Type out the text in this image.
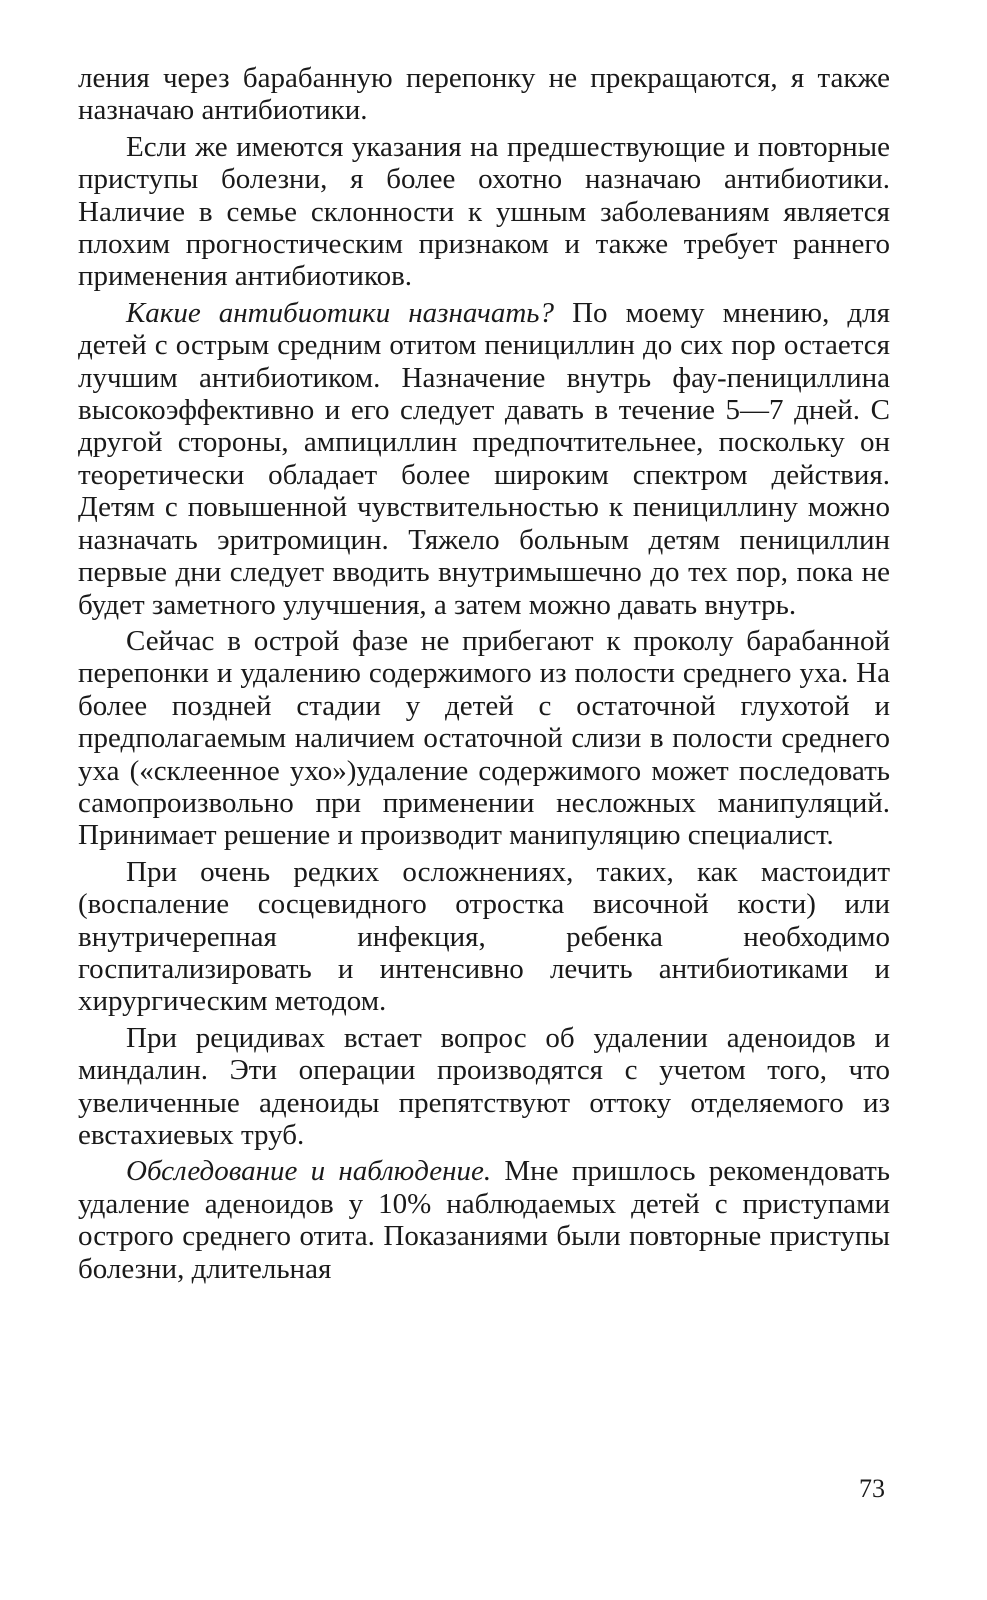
ления через барабанную перепонку не прекращаются, я также назначаю антибиотики.

Если же имеются указания на предшествующие и повторные приступы болезни, я более охотно назначаю антибиотики. Наличие в семье склонности к ушным заболеваниям является плохим прогностическим признаком и также требует раннего применения антибиотиков.

Какие антибиотики назначать? По моему мнению, для детей с острым средним отитом пенициллин до сих пор остается лучшим антибиотиком. Назначение внутрь фау-пенициллина высокоэффективно и его следует давать в течение 5—7 дней. С другой стороны, ампициллин предпочтительнее, поскольку он теоретически обладает более широким спектром действия. Детям с повышенной чувствительностью к пенициллину можно назначать эритромицин. Тяжело больным детям пенициллин первые дни следует вводить внутримышечно до тех пор, пока не будет заметного улучшения, а затем можно давать внутрь.

Сейчас в острой фазе не прибегают к проколу барабанной перепонки и удалению содержимого из полости среднего уха. На более поздней стадии у детей с остаточной глухотой и предполагаемым наличием остаточной слизи в полости среднего уха («склеенное ухо»)удаление содержимого может последовать самопроизвольно при применении несложных манипуляций. Принимает решение и производит манипуляцию специалист.

При очень редких осложнениях, таких, как мастоидит (воспаление сосцевидного отростка височной кости) или внутричерепная инфекция, ребенка необходимо госпитализировать и интенсивно лечить антибиотиками и хирургическим методом.

При рецидивах встает вопрос об удалении аденоидов и миндалин. Эти операции производятся с учетом того, что увеличенные аденоиды препятствуют оттоку отделяемого из евстахиевых труб.

Обследование и наблюдение. Мне пришлось рекомендовать удаление аденоидов у 10% наблюдаемых детей с приступами острого среднего отита. Показаниями были повторные приступы болезни, длительная

73
